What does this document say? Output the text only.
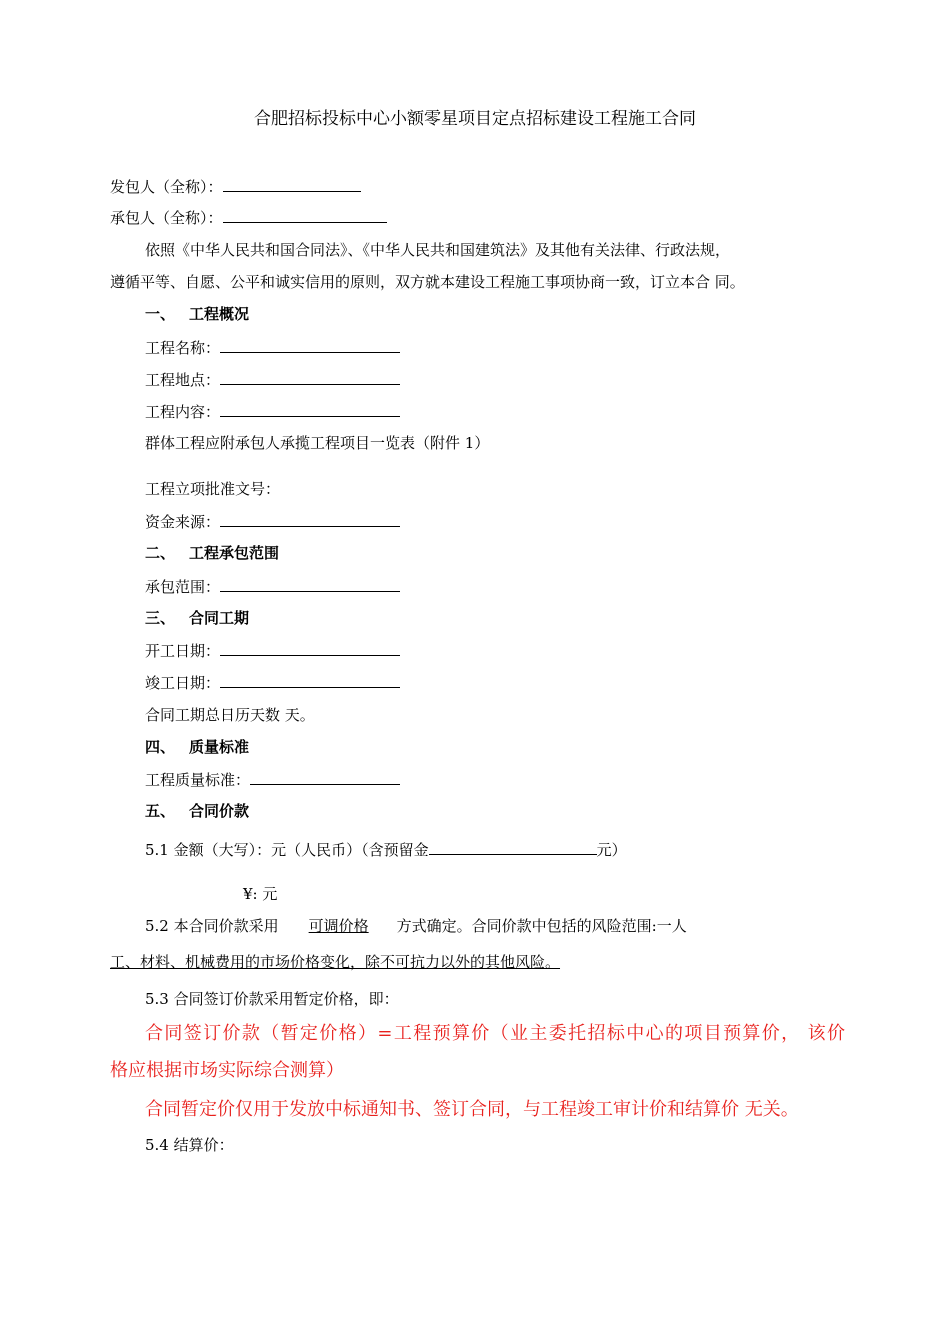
合肥招标投标中心小额零星项目定点招标建设工程施工合同
发包人（全称）：
承包人（全称）：
依照《中华人民共和国合同法》、《中华人民共和国建筑法》及其他有关法律、行政法规，
遵循平等、自愿、公平和诚实信用的原则，双方就本建设工程施工事项协商一致，订立本合 同。
一、 工程概况
工程名称：
工程地点：
工程内容：
群体工程应附承包人承揽工程项目一览表（附件 1）
工程立项批准文号：
资金来源：
二、 工程承包范围
承包范围：
三、 合同工期
开工日期：
竣工日期：
合同工期总日历天数 天。
四、 质量标准
工程质量标准：
五、 合同价款
5.1 金额（大写）：元（人民币）（含预留金	元）
¥: 元
5.2 本合同价款采用 可调价格 方式确定。合同价款中包括的风险范围:一人
工、材料、机械费用的市场价格变化，除不可抗力以外的其他风险。
5.3 合同签订价款采用暂定价格，即：
合同签订价款（暂定价格）=工程预算价（业主委托招标中心的项目预算价， 该价
格应根据市场实际综合测算）
合同暂定价仅用于发放中标通知书、签订合同，与工程竣工审计价和结算价 无关。
5.4 结算价：
